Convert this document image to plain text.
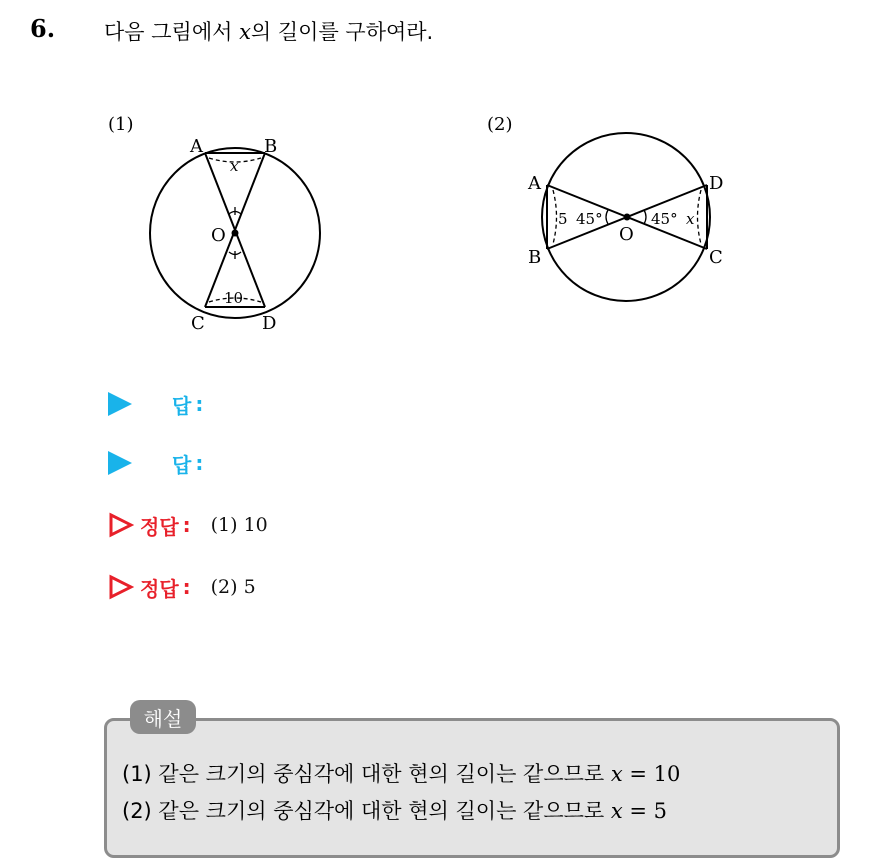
6. 다음 그림에서 x의 길이를 구하여라.
(1)
A	B
C	D
O
x
10
(2)
A
B	C
D
O
5 45°	45° x
답 :
답 :
정답 : (1) 10
정답 : (2) 5
해설
(1) 같은 크기의 중심각에 대한 현의 길이는 같으므로 x = 10
(2) 같은 크기의 중심각에 대한 현의 길이는 같으므로 x = 5
